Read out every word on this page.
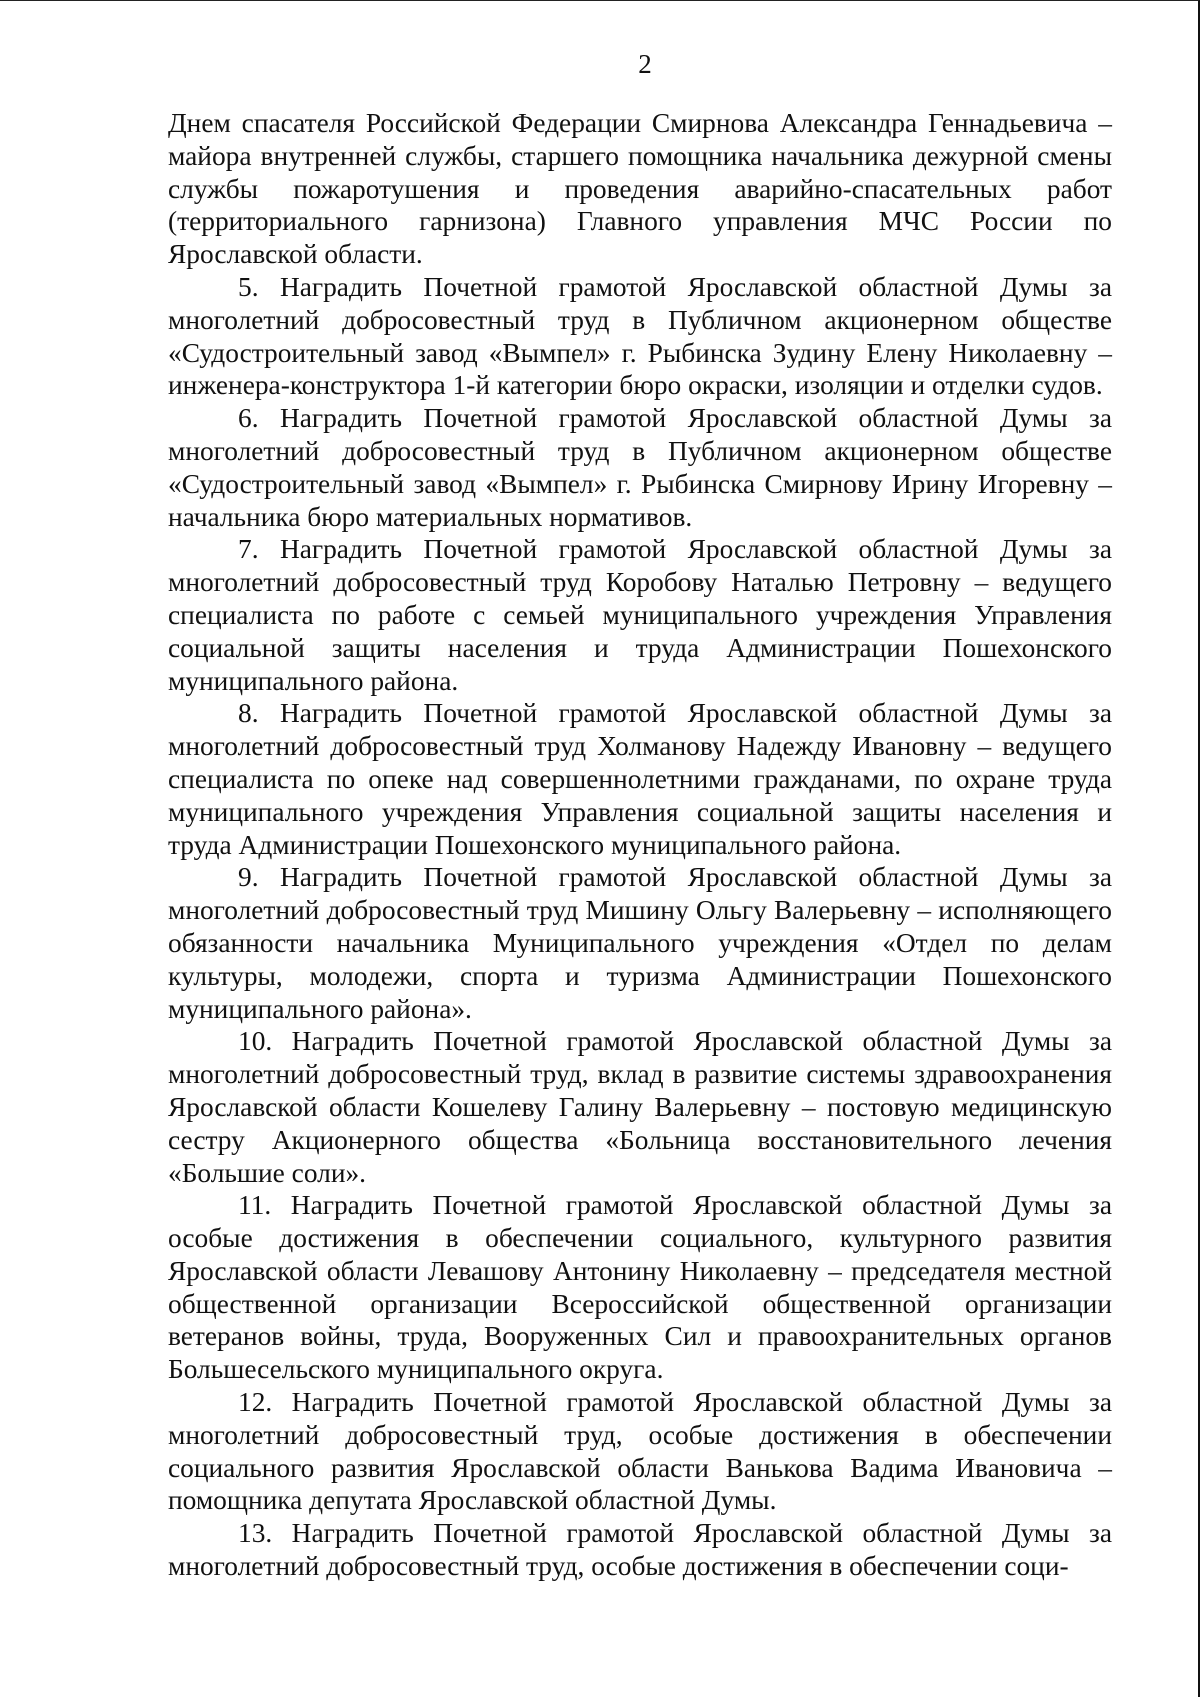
2

Днем спасателя Российской Федерации Смирнова Александра Геннадьевича – майора внутренней службы, старшего помощника начальника дежурной смены службы пожаротушения и проведения аварийно-спасательных работ (территориального гарнизона) Главного управления МЧС России по Ярославской области.

5. Наградить Почетной грамотой Ярославской областной Думы за многолетний добросовестный труд в Публичном акционерном обществе «Судостроительный завод «Вымпел» г. Рыбинска Зудину Елену Николаевну – инженера-конструктора 1-й категории бюро окраски, изоляции и отделки судов.

6. Наградить Почетной грамотой Ярославской областной Думы за многолетний добросовестный труд в Публичном акционерном обществе «Судостроительный завод «Вымпел» г. Рыбинска Смирнову Ирину Игоревну – начальника бюро материальных нормативов.

7. Наградить Почетной грамотой Ярославской областной Думы за многолетний добросовестный труд Коробову Наталью Петровну – ведущего специалиста по работе с семьей муниципального учреждения Управления социальной защиты населения и труда Администрации Пошехонского муниципального района.

8. Наградить Почетной грамотой Ярославской областной Думы за многолетний добросовестный труд Холманову Надежду Ивановну – ведущего специалиста по опеке над совершеннолетними гражданами, по охране труда муниципального учреждения Управления социальной защиты населения и труда Администрации Пошехонского муниципального района.

9. Наградить Почетной грамотой Ярославской областной Думы за многолетний добросовестный труд Мишину Ольгу Валерьевну – исполняющего обязанности начальника Муниципального учреждения «Отдел по делам культуры, молодежи, спорта и туризма Администрации Пошехонского муниципального района».

10. Наградить Почетной грамотой Ярославской областной Думы за многолетний добросовестный труд, вклад в развитие системы здравоохранения Ярославской области Кошелеву Галину Валерьевну – постовую медицинскую сестру Акционерного общества «Больница восстановительного лечения «Большие соли».

11. Наградить Почетной грамотой Ярославской областной Думы за особые достижения в обеспечении социального, культурного развития Ярославской области Левашову Антонину Николаевну – председателя местной общественной организации Всероссийской общественной организации ветеранов войны, труда, Вооруженных Сил и правоохранительных органов Большесельского муниципального округа.

12. Наградить Почетной грамотой Ярославской областной Думы за многолетний добросовестный труд, особые достижения в обеспечении социального развития Ярославской области Ванькова Вадима Ивановича – помощника депутата Ярославской областной Думы.

13. Наградить Почетной грамотой Ярославской областной Думы за многолетний добросовестный труд, особые достижения в обеспечении соци-
